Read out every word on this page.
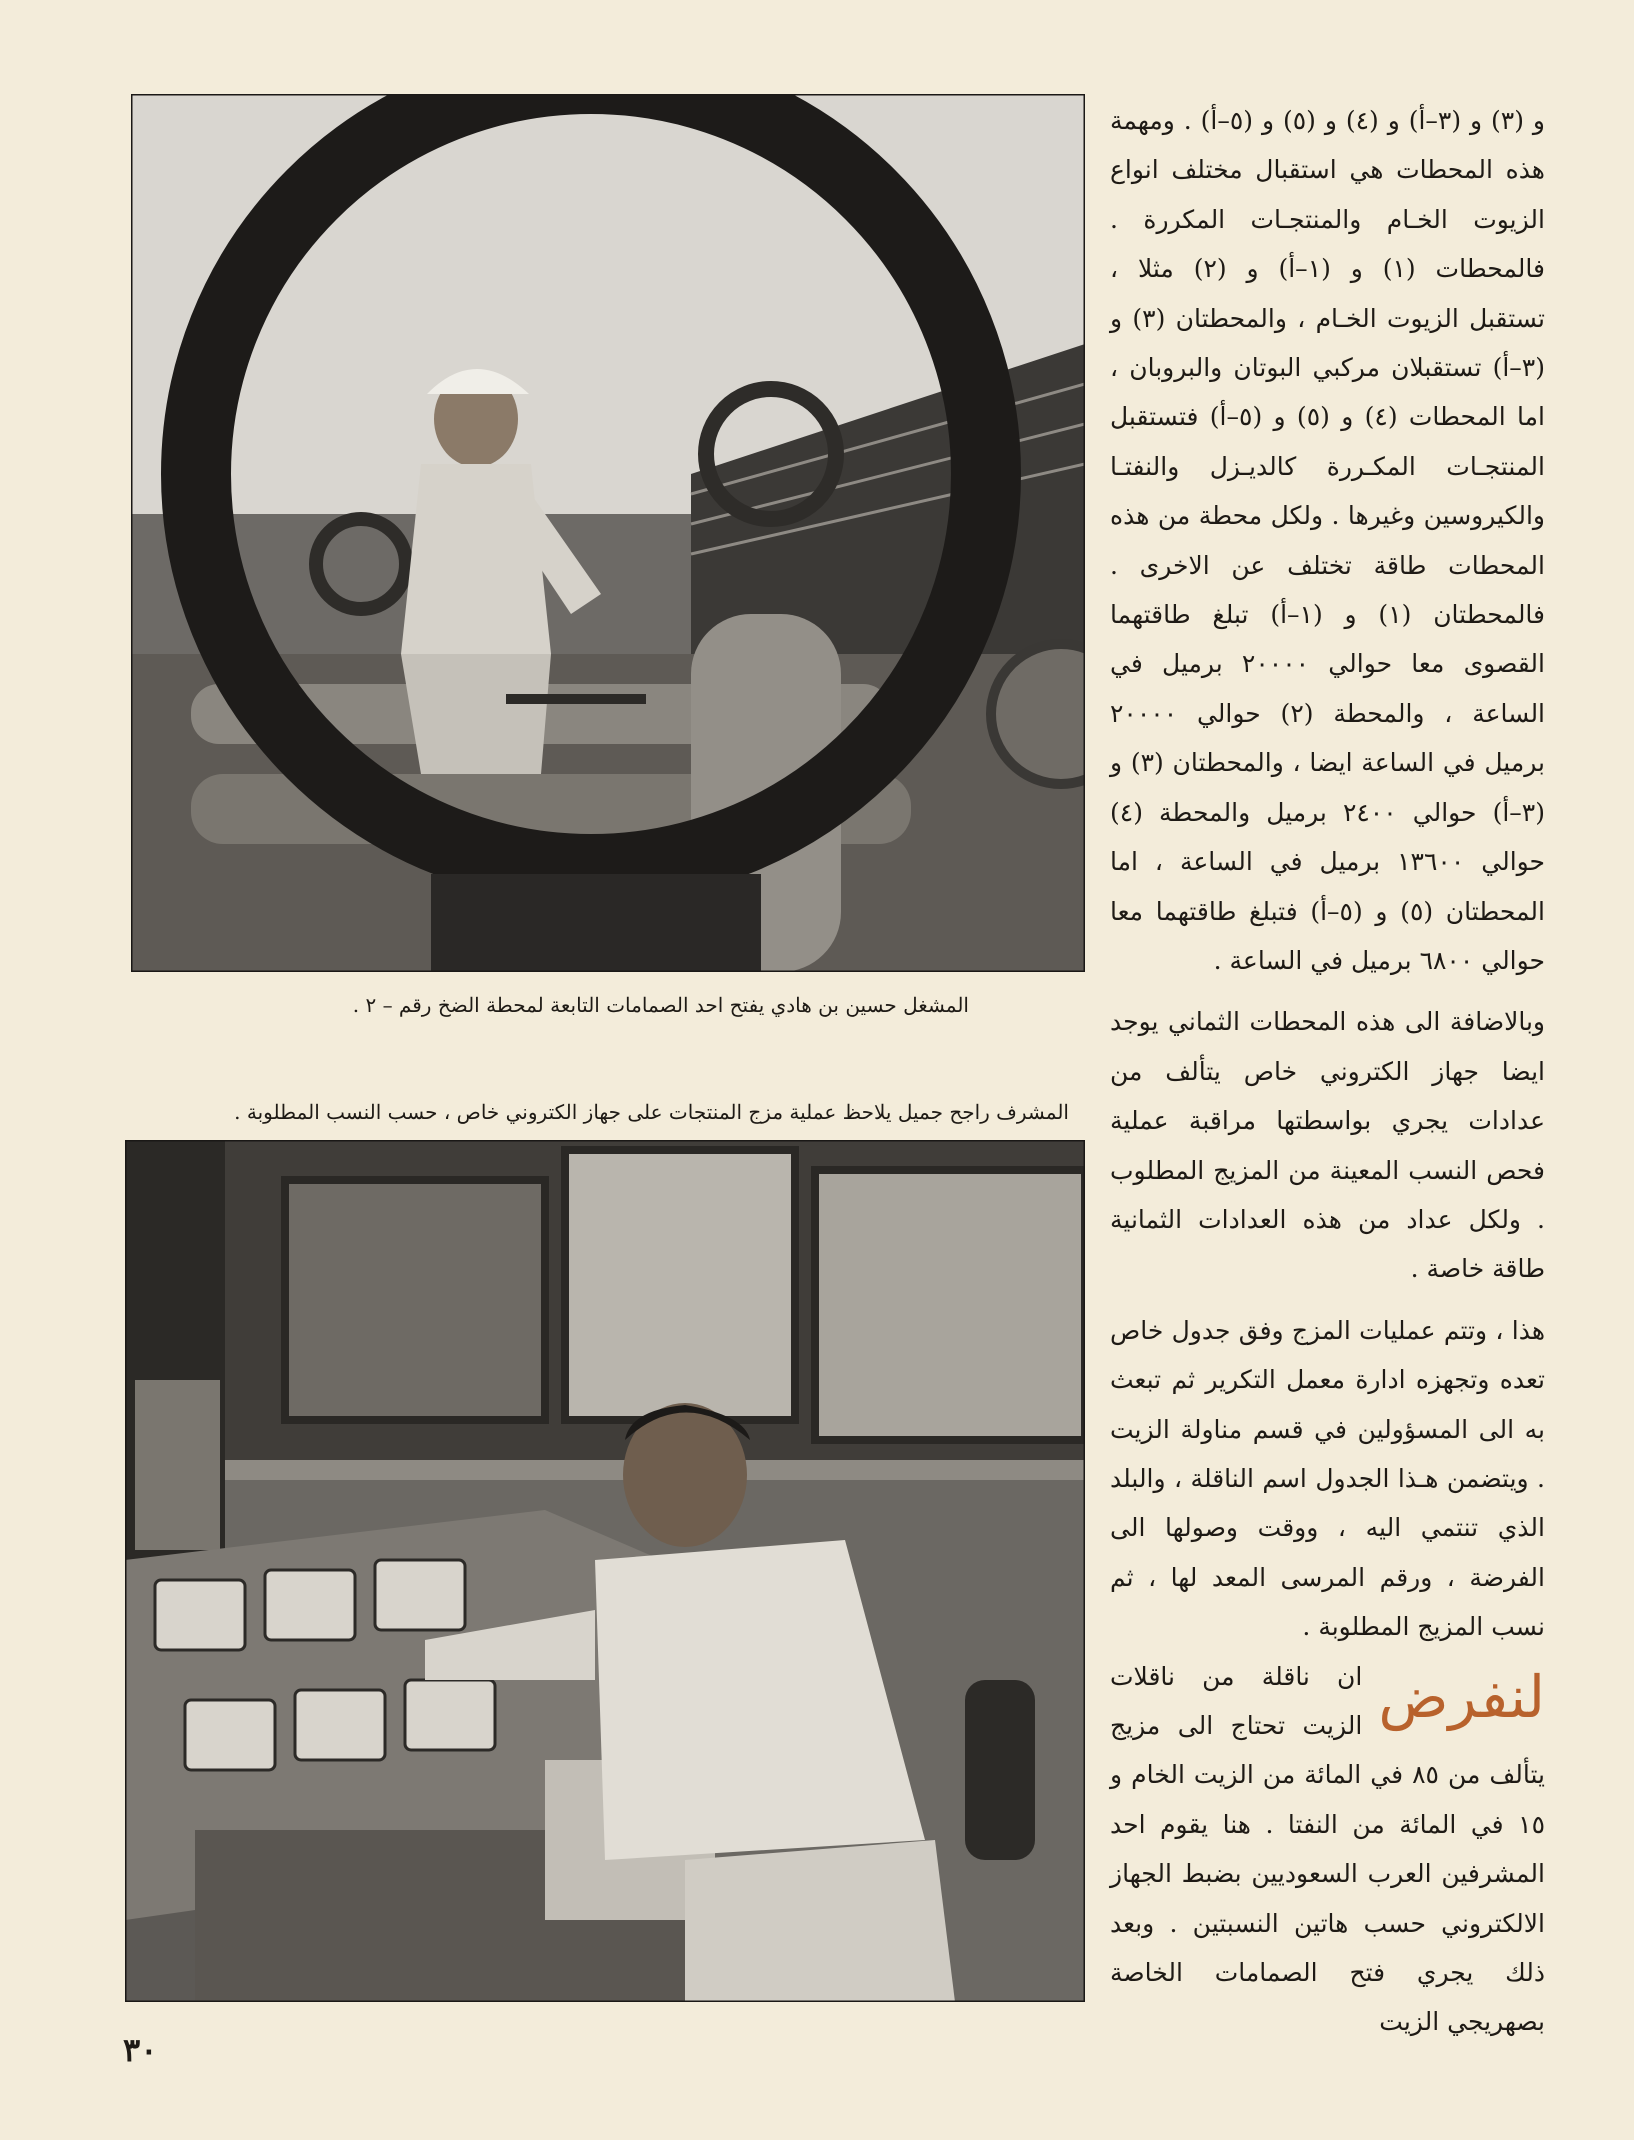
المشغل حسين بن هادي يفتح احد الصمامات التابعة لمحطة الضخ رقم – ٢ .
المشرف راجح جميل يلاحظ عملية مزج المنتجات على جهاز الكتروني خاص ، حسب النسب المطلوبة .

و (٣) و (٣–أ) و (٤) و (٥) و (٥–أ) . ومهمة هذه المحطات هي استقبال مختلف انواع الزيوت الخـام والمنتجـات المكررة . فالمحطات (١) و (١–أ) و (٢) مثلا ، تستقبل الزيوت الخـام ، والمحطتان (٣) و (٣–أ) تستقبلان مركبي البوتان والبروبان ، اما المحطات (٤) و (٥) و (٥–أ) فتستقبل المنتجـات المكـررة كالديـزل والنفتـا والكيروسين وغيرها . ولكل محطة من هذه المحطات طاقة تختلف عن الاخرى . فالمحطتان (١) و (١–أ) تبلغ طاقتهما القصوى معا حوالي ٢٠٠٠٠ برميل في الساعة ، والمحطة (٢) حوالي ٢٠٠٠٠ برميل في الساعة ايضا ، والمحطتان (٣) و (٣–أ) حوالي ٢٤٠٠ برميل والمحطة (٤) حوالي ١٣٦٠٠ برميل في الساعة ، اما المحطتان (٥) و (٥–أ) فتبلغ طاقتهما معا حوالي ٦٨٠٠ برميل في الساعة .

وبالاضافة الى هذه المحطات الثماني يوجد ايضا جهاز الكتروني خاص يتألف من عدادات يجري بواسطتها مراقبة عملية فحص النسب المعينة من المزيج المطلوب . ولكل عداد من هذه العدادات الثمانية طاقة خاصة .

هذا ، وتتم عمليات المزج وفق جدول خاص تعده وتجهزه ادارة معمل التكرير ثم تبعث به الى المسؤولين في قسم مناولة الزيت . ويتضمن هـذا الجدول اسم الناقلة ، والبلد الذي تنتمي اليه ، ووقت وصولها الى الفرضة ، ورقم المرسى المعد لها ، ثم نسب المزيج المطلوبة .

لنفرض
ان ناقلة من ناقلات الزيت تحتاج الى مزيج يتألف من ٨٥ في المائة من الزيت الخام و ١٥ في المائة من النفتا . هنا يقوم احد المشرفين العرب السعوديين بضبط الجهاز الالكتروني حسب هاتين النسبتين . وبعد ذلك يجري فتح الصمامات الخاصة بصهريجي الزيت

٣٠
